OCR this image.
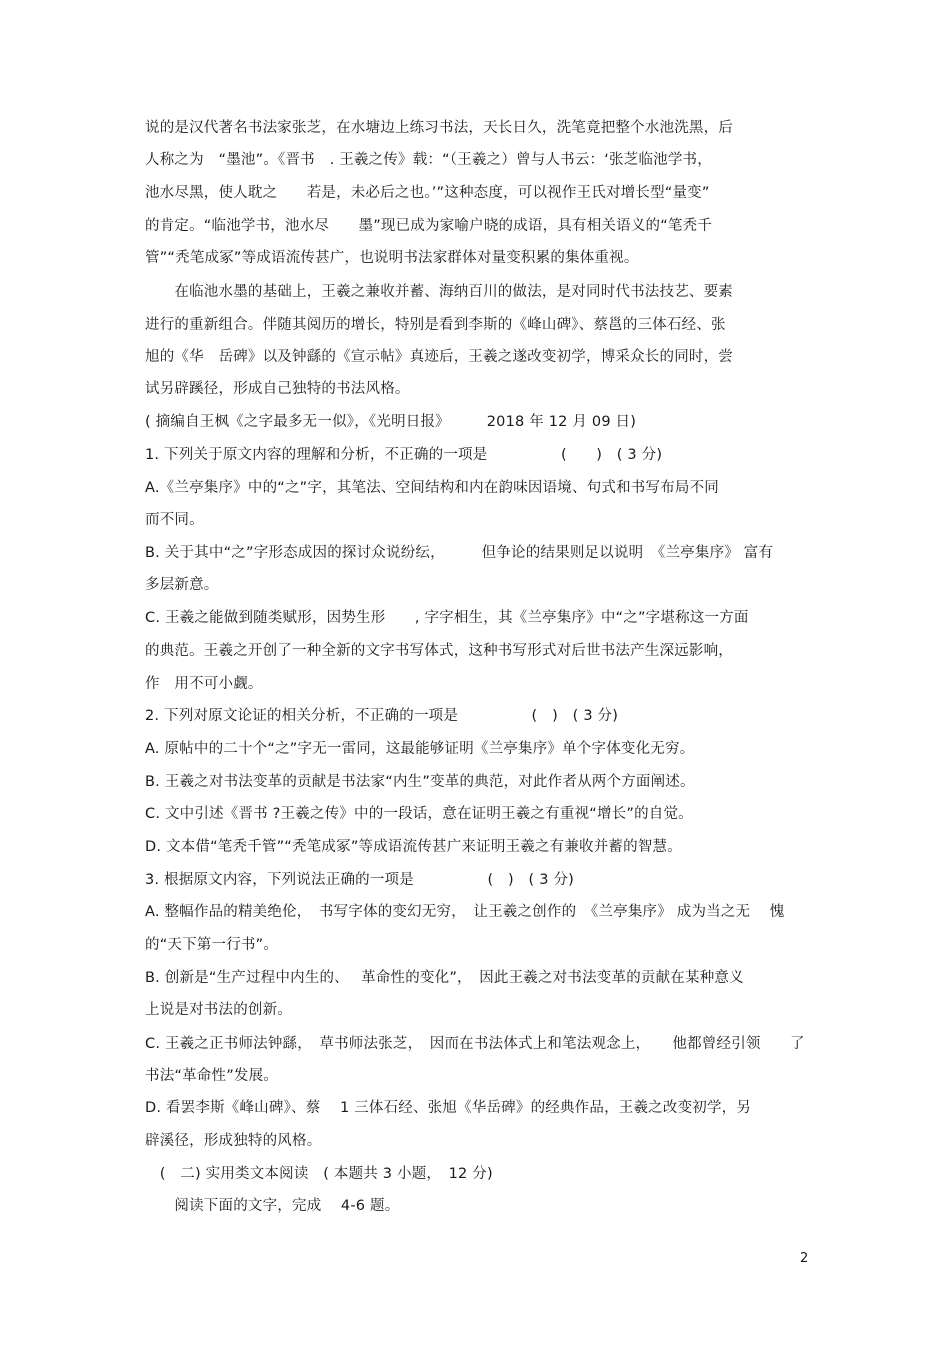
说的是汉代著名书法家张芝，在水塘边上练习书法，天长日久，洗笔竟把整个水池洗黑，后
人称之为　“墨池”。《晋书　. 王羲之传》载：“（王羲之）曾与人书云：‘张芝临池学书，
池水尽黑，使人耽之　　若是，未必后之也。’”这种态度，可以视作王氏对增长型“量变”
的肯定。“临池学书，池水尽　　墨”现已成为家喻户晓的成语，具有相关语义的“笔秃千
管”“秃笔成冢”等成语流传甚广，也说明书法家群体对量变积累的集体重视。
　　在临池水墨的基础上，王羲之兼收并蓄、海纳百川的做法，是对同时代书法技艺、要素
进行的重新组合。伴随其阅历的增长，特别是看到李斯的《峰山碑》、蔡邕的三体石经、张
旭的《华　岳碑》以及钟繇的《宣示帖》真迹后，王羲之遂改变初学，博采众长的同时，尝
试另辟蹊径，形成自己独特的书法风格。
( 摘编自王枫《之字最多无一似》，《光明日报》　　　2018 年 12 月 09 日)
1. 下列关于原文内容的理解和分析，不正确的一项是　　　　　(　　)　( 3 分)
A.《兰亭集序》中的“之”字，其笔法、空间结构和内在韵味因语境、句式和书写布局不同
而不同。
B. 关于其中“之”字形态成因的探讨众说纷纭，　　　但争论的结果则足以说明　《兰亭集序》 富有
多层新意。
C. 王羲之能做到随类赋形，因势生形　　, 字字相生，其《兰亭集序》中“之”字堪称这一方面
的典范。王羲之开创了一种全新的文字书写体式，这种书写形式对后世书法产生深远影响，
作　用不可小觑。
2. 下列对原文论证的相关分析，不正确的一项是　　　　　(　)　( 3 分)
A. 原帖中的二十个“之”字无一雷同，这最能够证明《兰亭集序》单个字体变化无穷。
B. 王羲之对书法变革的贡献是书法家“内生”变革的典范，对此作者从两个方面阐述。
C. 文中引述《晋书 ?王羲之传》中的一段话，意在证明王羲之有重视“增长”的自觉。
D. 文本借“笔秃千管”“秃笔成冢”等成语流传甚广来证明王羲之有兼收并蓄的智慧。
3. 根据原文内容，下列说法正确的一项是　　　　　(　)　( 3 分)
A. 整幅作品的精美绝伦，　书写字体的变幻无穷，　让王羲之创作的　《兰亭集序》 成为当之无　 愧
的“天下第一行书”。
B. 创新是“生产过程中内生的、　 革命性的变化”，　因此王羲之对书法变革的贡献在某种意义
上说是对书法的创新。
C. 王羲之正书师法钟繇，　草书师法张芝，　因而在书法体式上和笔法观念上，　　他都曾经引领　　了
书法“革命性”发展。
D. 看罢李斯《峰山碑》、蔡　 1 三体石经、张旭《华岳碑》的经典作品，王羲之改变初学，另
辟溪径，形成独特的风格。
　(　二) 实用类文本阅读　( 本题共 3 小题，　12 分)
　　阅读下面的文字，完成　 4-6 题。
2
